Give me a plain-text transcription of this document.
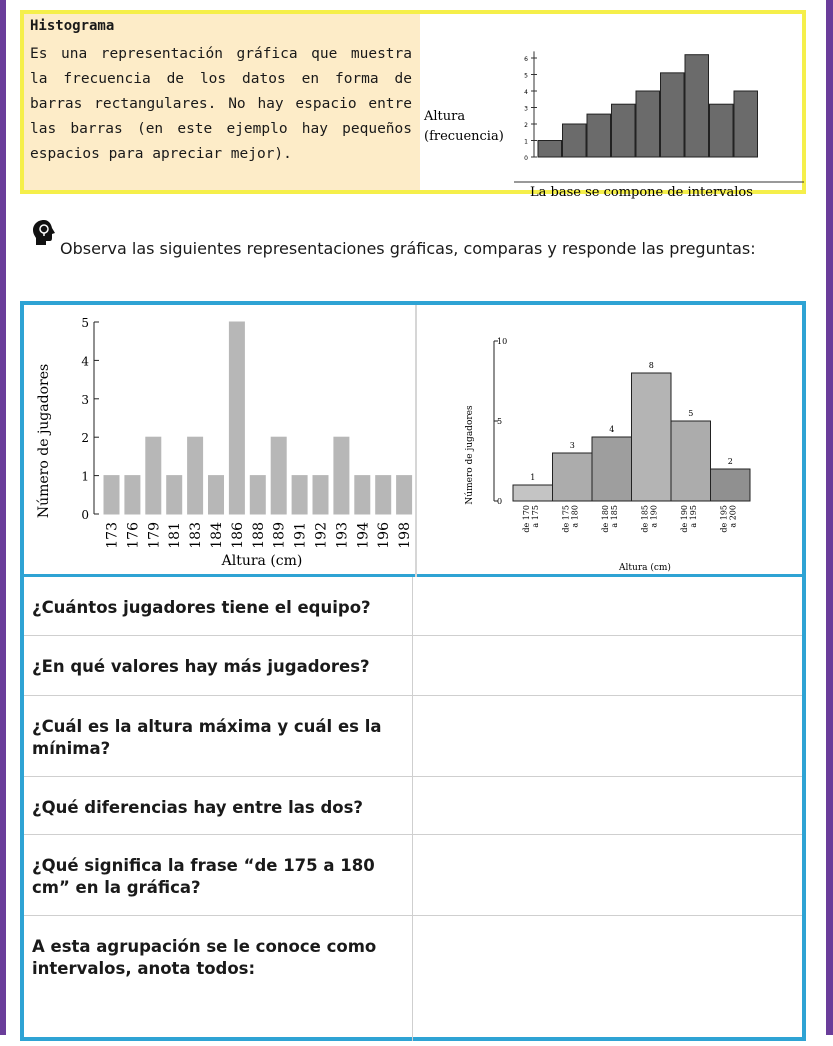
Histograma
Es una representación gráfica que muestra la frecuencia de los datos en forma de barras rectangulares. No hay espacio entre las barras (en este ejemplo hay pequeños espacios para apreciar mejor).
Altura
(frecuencia)
0
1
2
3
4
5
6
La base se compone de intervalos
Observa las siguientes representaciones gráficas, comparas y responde las preguntas:
0
1
2
3
4
5
173 176 179 181 183 184 186 188 189 191 192 193 194 196 198
Altura (cm)
Número de jugadores	0
5
10
1
de 170 a 175
3
de 175 a 180
4
de 180 a 185
8
de 185 a 190
5
de 190 a 195
2
de 195 a 200
Altura (cm)
Número de jugadores
¿Cuántos jugadores tiene el equipo?
¿En qué valores hay más jugadores?
¿Cuál es la altura máxima y cuál es la mínima?
¿Qué diferencias hay entre las dos?
¿Qué significa la frase “de 175 a 180 cm” en la gráfica?
A esta agrupación se le conoce como intervalos, anota todos:
